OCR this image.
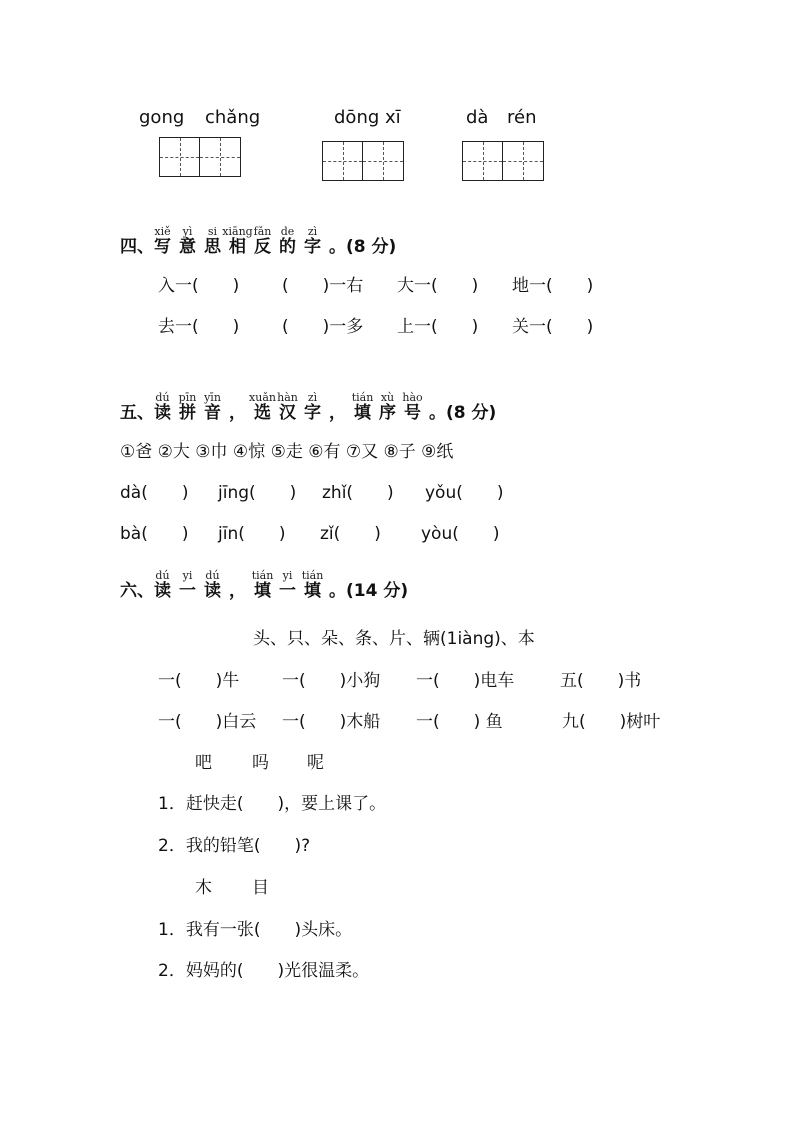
gong chǎng	dōng xī	dà rén
四、写
xiě
意
yì
思
si
相
xiāng
反
fǎn
的
de
字
zì
。(8 分)
入一(　　)	(　　)一右 大一(　　) 地一(　　)
去一(　　)	(　　)一多 上一(　　) 关一(　　)
五、读
dú
拼
pīn
音
yīn
， 选
xuǎn
汉
hàn
字
zì
， 填
tián
序
xù
号
hào
。(8 分)
①爸 ②大 ③巾 ④惊 ⑤走 ⑥有 ⑦又 ⑧子 ⑨纸
dà(　　) jīng(　　) zhǐ(　　) yǒu(　　)
bà(　　) jīn(　　) zǐ(　　) yòu(　　)
六、读
dú
一
yi
读
dú
， 填
tián
一
yi
填
tián
。(14 分)
头、只、朵、条、片、辆(1iàng)、本
一(　　)牛	一(　　)小狗 一(　　)电车	五(　　)书
一(　　)白云 一(　　)木船 一(　　) 鱼	九(　　)树叶
吧 吗 呢
1．赶快走(　　)，要上课了。
2．我的铅笔(　　)?
木 目
1．我有一张(　　)头床。
2．妈妈的(　　)光很温柔。
